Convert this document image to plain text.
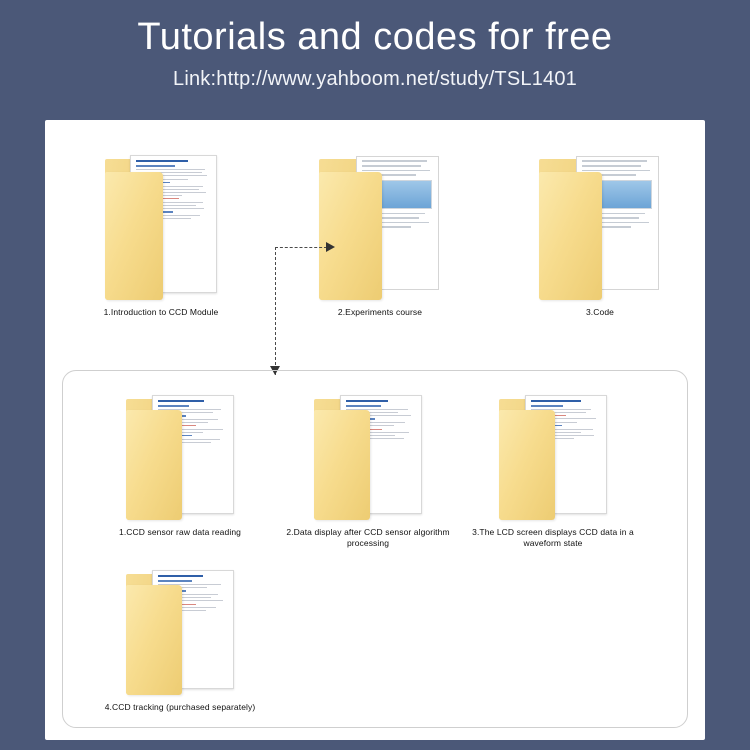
Tutorials and codes for free
Link:http://www.yahboom.net/study/TSL1401
1.Introduction to CCD Module	2.Experiments course	3.Code
1.CCD sensor raw data reading	2.Data display after CCD sensor algorithm processing
3.The LCD screen displays CCD data in a waveform state
4.CCD tracking (purchased separately)
